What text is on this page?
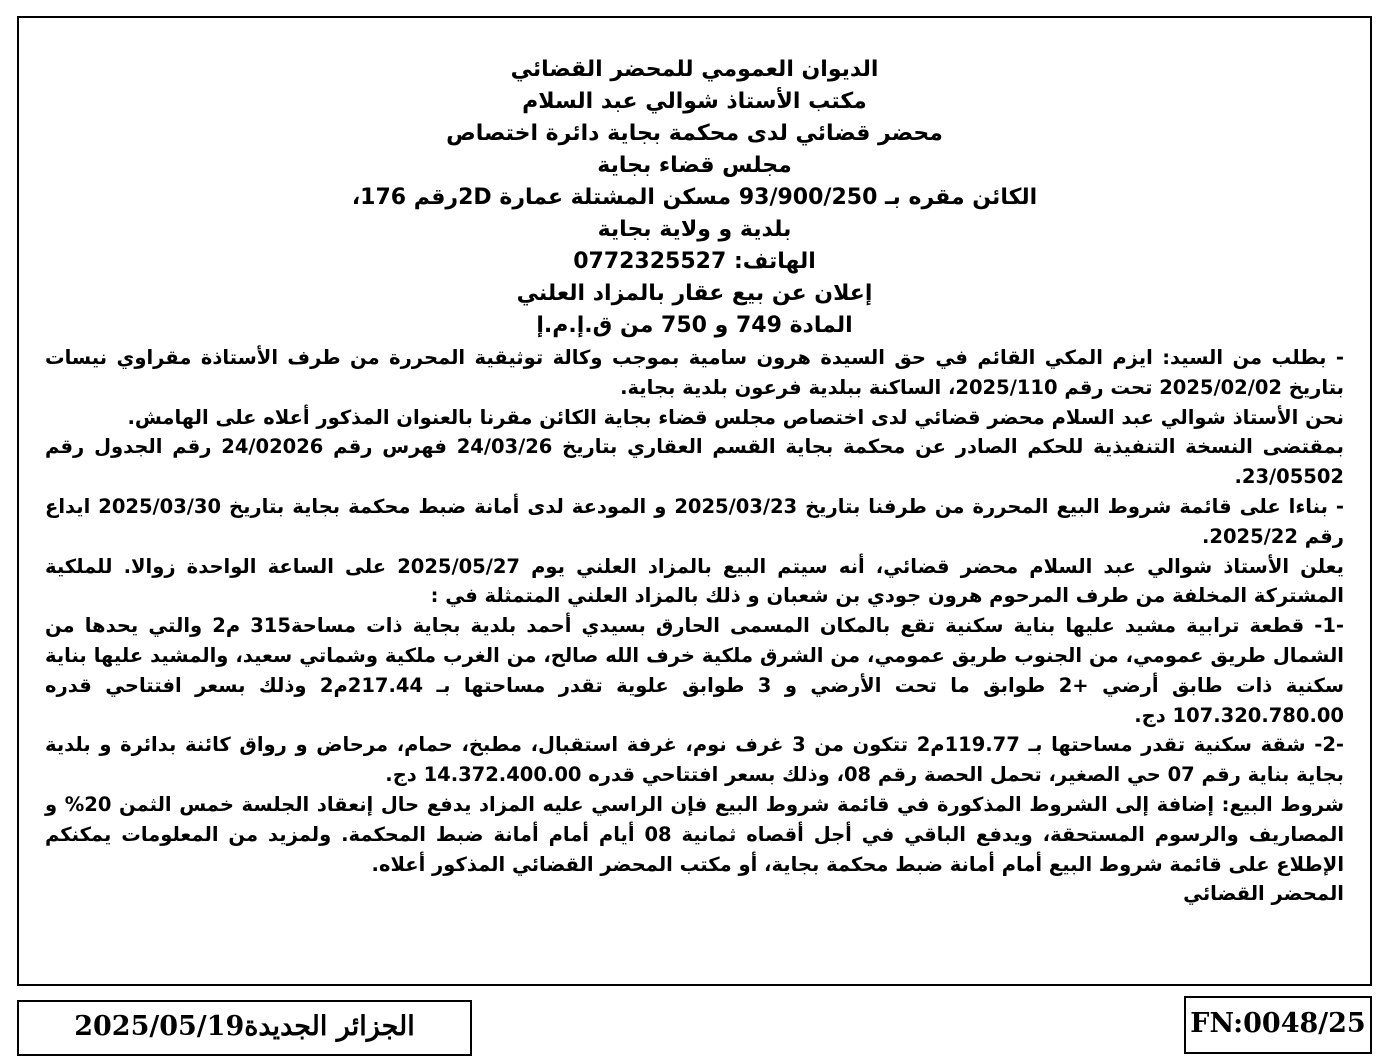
الديوان العمومي للمحضر القضائي
مكتب الأستاذ شوالي عبد السلام
محضر قضائي لدى محكمة بجاية دائرة اختصاص
مجلس قضاء بجاية
الكائن مقره بـ 93/900/250 مسكن المشتلة عمارة 2Dرقم 176،
بلدية و ولاية بجاية
الهاتف: 0772325527
إعلان عن بيع عقار بالمزاد العلني
المادة 749 و 750 من ق.إ.م.إ

- بطلب من السيد: ايزم المكي القائم في حق السيدة هرون سامية بموجب وكالة توثيقية المحررة من طرف الأستاذة مقراوي نيسات بتاريخ 2025/02/02 تحت رقم 2025/110، الساكنة ببلدية فرعون بلدية بجاية.

نحن الأستاذ شوالي عبد السلام محضر قضائي لدى اختصاص مجلس قضاء بجاية الكائن مقرنا بالعنوان المذكور أعلاه على الهامش.

بمقتضى النسخة التنفيذية للحكم الصادر عن محكمة بجاية القسم العقاري بتاريخ 24/03/26 فهرس رقم 24/02026 رقم الجدول رقم 23/05502.

- بناءا على قائمة شروط البيع المحررة من طرفنا بتاريخ 2025/03/23 و المودعة لدى أمانة ضبط محكمة بجاية بتاريخ 2025/03/30 ايداع رقم 2025/22.

يعلن الأستاذ شوالي عبد السلام محضر قضائي، أنه سيتم البيع بالمزاد العلني يوم 2025/05/27 على الساعة الواحدة زوالا. للملكية المشتركة المخلفة من طرف المرحوم هرون جودي بن شعبان و ذلك بالمزاد العلني المتمثلة في :

-1- قطعة ترابية مشيد عليها بناية سكنية تقع بالمكان المسمى الحارق بسيدي أحمد بلدية بجاية ذات مساحة315 م2 والتي يحدها من الشمال طريق عمومي، من الجنوب طريق عمومي، من الشرق ملكية خرف الله صالح، من الغرب ملكية وشماتي سعيد، والمشيد عليها بناية سكنية ذات طابق أرضي +2 طوابق ما تحت الأرضي و 3 طوابق علوية تقدر مساحتها بـ 217.44م2 وذلك بسعر افتتاحي قدره 107.320.780.00 دج.

-2- شقة سكنية تقدر مساحتها بـ 119.77م2 تتكون من 3 غرف نوم، غرفة استقبال، مطبخ، حمام، مرحاض و رواق كائنة بدائرة و بلدية بجاية بناية رقم 07 حي الصغير، تحمل الحصة رقم 08، وذلك بسعر افتتاحي قدره 14.372.400.00 دج.

شروط البيع: إضافة إلى الشروط المذكورة في قائمة شروط البيع فإن الراسي عليه المزاد يدفع حال إنعقاد الجلسة خمس الثمن 20% و المصاريف والرسوم المستحقة، ويدفع الباقي في أجل أقصاه ثمانية 08 أيام أمام أمانة ضبط المحكمة. ولمزيد من المعلومات يمكنكم الإطلاع على قائمة شروط البيع أمام أمانة ضبط محكمة بجاية، أو مكتب المحضر القضائي المذكور أعلاه.

المحضر القضائي

FN:0048/25
الجزائر الجديدة2025/05/19
